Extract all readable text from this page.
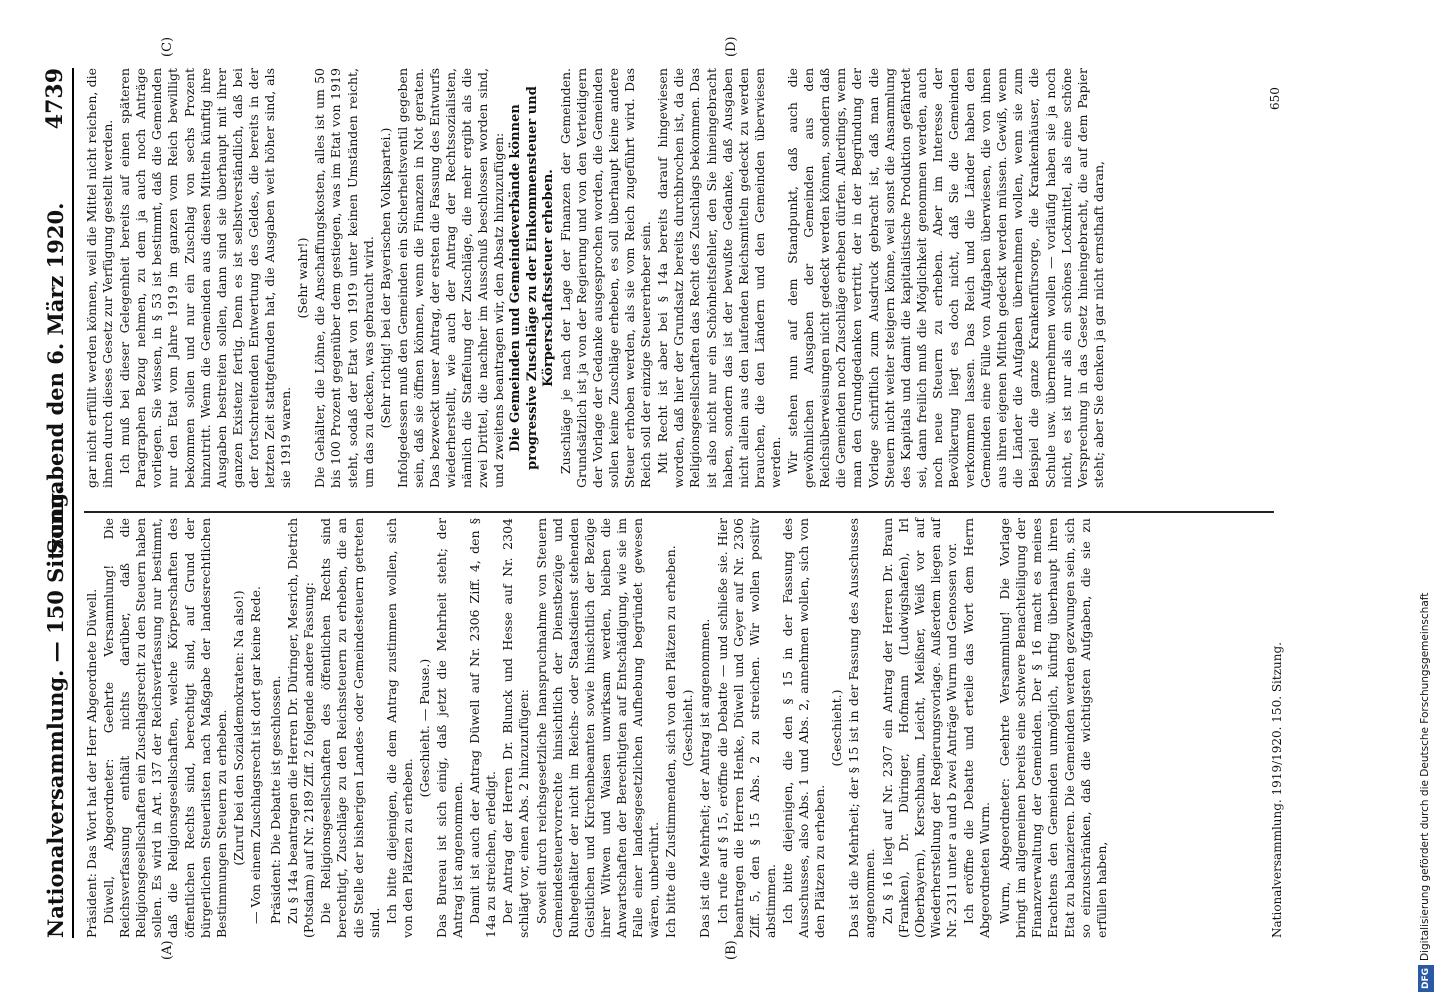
Nationalversammlung. — 150 Sitzung.
Sonnabend den 6. März 1920.
4739
(A)	(B)
(C)	(D)

Präsident: Das Wort hat der Herr Abgeordnete Düwell. Düwell, Abgeordneter: Geehrte Versammlung! Die Reichsverfassung enthält nichts darüber, daß die Religionsgesellschaften ein Zuschlagsrecht zu den Steuern haben sollen. Es wird in Art. 137 der Reichsverfassung nur bestimmt, daß die Religionsgesellschaften, welche Körperschaften des öffentlichen Rechts sind, berechtigt sind, auf Grund der bürgerlichen Steuerlisten nach Maßgabe der landesrechtlichen Bestimmungen Steuern zu erheben. (Zuruf bei den Sozialdemokraten: Na also!) — Von einem Zuschlagsrecht ist dort gar keine Rede. Präsident: Die Debatte ist geschlossen. Zu § 14a beantragen die Herren Dr. Düringer, Mesrich, Dietrich (Potsdam) auf Nr. 2189 Ziff. 2 folgende andere Fassung: Die Religionsgesellschaften des öffentlichen Rechts sind berechtigt, Zuschläge zu den Reichssteuern zu erheben, die an die Stelle der bisherigen Landes- oder Gemeindesteuern getreten sind. Ich bitte diejenigen, die dem Antrag zustimmen wollen, sich von den Plätzen zu erheben.

(Geschieht. — Pause.) Das Bureau ist sich einig, daß jetzt die Mehrheit steht; der Antrag ist angenommen. Damit ist auch der Antrag Düwell auf Nr. 2306 Ziff. 4, den § 14a zu streichen, erledigt. Der Antrag der Herren Dr. Blunck und Hesse auf Nr. 2304 schlägt vor, einen Abs. 2 hinzuzufügen: Soweit durch reichsgesetzliche Inanspruchnahme von Steuern Gemeindesteuervorrechte hinsichtlich der Dienstbezüge und Ruhegehälter der nicht im Reichs- oder Staatsdienst stehenden Geistlichen und Kirchenbeamten sowie hinsichtlich der Bezüge ihrer Witwen und Waisen unwirksam werden, bleiben die Anwartschaften der Berechtigten auf Entschädigung, wie sie im Falle einer landesgesetzlichen Aufhebung begründet gewesen wären, unberührt. Ich bitte die Zustimmenden, sich von den Plätzen zu erheben. (Geschieht.) Das ist die Mehrheit; der Antrag ist angenommen. Ich rufe auf § 15, eröffne die Debatte — und schließe sie. Hier beantragen die Herren Henke, Düwell und Geyer auf Nr. 2306 Ziff. 5, den § 15 Abs. 2 zu streichen. Wir wollen positiv abstimmen. Ich bitte diejenigen, die den § 15 in der Fassung des Ausschusses, also Abs. 1 und Abs. 2, annehmen wollen, sich von den Plätzen zu erheben.

(Geschieht.) Das ist die Mehrheit; der § 15 ist in der Fassung des Ausschusses angenommen. Zu § 16 liegt auf Nr. 2307 ein Antrag der Herren Dr. Braun (Franken), Dr. Düringer, Hofmann (Ludwigshafen), Irl (Oberbayern), Kerschbaum, Leicht, Meißner, Weiß vor auf Wiederherstellung der Regierungsvorlage. Außerdem liegen auf Nr. 2311 unter a und b zwei Anträge Wurm und Genossen vor. Ich eröffne die Debatte und erteile das Wort dem Herrn Abgeordneten Wurm. Wurm, Abgeordneter: Geehrte Versammlung! Die Vorlage bringt im allgemeinen bereits eine schwere Benachteiligung der Finanzverwaltung der Gemeinden. Der § 16 macht es meines Erachtens den Gemeinden unmöglich, künftig überhaupt ihren Etat zu balanzieren. Die Gemeinden werden gezwungen sein, sich so einzuschränken, daß die wichtigsten Aufgaben, die sie zu erfüllen haben,

gar nicht erfüllt werden können, weil die Mittel nicht reichen, die ihnen durch dieses Gesetz zur Verfügung gestellt werden. Ich muß bei dieser Gelegenheit bereits auf einen späteren Paragraphen Bezug nehmen, zu dem ja auch noch Anträge vorliegen. Sie wissen, in § 53 ist bestimmt, daß die Gemeinden nur den Etat vom Jahre 1919 im ganzen vom Reich bewilligt bekommen sollen und nur ein Zuschlag von sechs Prozent hinzutritt. Wenn die Gemeinden aus diesen Mitteln künftig ihre Ausgaben bestreiten sollen, dann sind sie überhaupt mit ihrer ganzen Existenz fertig. Denn es ist selbstverständlich, daß bei der fortschreitenden Entwertung des Geldes, die bereits in der letzten Zeit stattgefunden hat, die Ausgaben weit höher sind, als sie 1919 waren.

(Sehr wahr!) Die Gehälter, die Löhne, die Anschaffungskosten, alles ist um 50 bis 100 Prozent gegenüber dem gestiegen, was im Etat von 1919 steht, sodaß der Etat von 1919 unter keinen Umständen reicht, um das zu decken, was gebraucht wird. (Sehr richtig! bei der Bayerischen Volkspartei.) Infolgedessen muß den Gemeinden ein Sicherheitsventil gegeben sein, daß sie öffnen können, wenn die Finanzen in Not geraten. Das bezweckt unser Antrag, der ersten die Fassung des Entwurfs wiederherstellt, wie auch der Antrag der Rechtssozialisten, nämlich die Staffelung der Zuschläge, die mehr ergibt als die zwei Drittel, die nachher im Ausschuß beschlossen worden sind, und zweitens beantragen wir, den Absatz hinzuzufügen: Die Gemeinden und Gemeindeverbände können progressive Zuschläge zu der Einkommensteuer und Körperschaftssteuer erheben. Zuschläge je nach der Lage der Finanzen der Gemeinden. Grundsätzlich ist ja von der Regierung und von den Verteidigern der Vorlage der Gedanke ausgesprochen worden, die Gemeinden sollen keine Zuschläge erheben, es soll überhaupt keine andere Steuer erhoben werden, als sie vom Reich zugeführt wird. Das Reich soll der einzige Steuererheber sein. Mit Recht ist aber bei § 14a bereits darauf hingewiesen worden, daß hier der Grundsatz bereits durchbrochen ist, da die Religionsgesellschaften das Recht des Zuschlags bekommen. Das ist also nicht nur ein Schönheitsfehler, den Sie hineingebracht haben, sondern das ist der bewußte Gedanke, daß Ausgaben nicht allein aus den laufenden Reichsmitteln gedeckt zu werden brauchen, die den Ländern und den Gemeinden überwiesen werden. Wir stehen nun auf dem Standpunkt, daß auch die gewöhnlichen Ausgaben der Gemeinden aus den Reichsüberweisungen nicht gedeckt werden können, sondern daß die Gemeinden noch Zuschläge erheben dürfen. Allerdings, wenn man den Grundgedanken vertritt, der in der Begründung der Vorlage schriftlich zum Ausdruck gebracht ist, daß man die Steuern nicht weiter steigern könne, weil sonst die Ansammlung des Kapitals und damit die kapitalistische Produktion gefährdet sei, dann freilich muß die Möglichkeit genommen werden, auch noch neue Steuern zu erheben. Aber im Interesse der Bevölkerung liegt es doch nicht, daß Sie die Gemeinden verkommen lassen. Das Reich und die Länder haben den Gemeinden eine Fülle von Aufgaben überwiesen, die von ihnen aus ihren eigenen Mitteln gedeckt werden müssen. Gewiß, wenn die Länder die Aufgaben übernehmen wollen, wenn sie zum Beispiel die ganze Krankenfürsorge, die Krankenhäuser, die Schule usw. übernehmen wollen — vorläufig haben sie ja noch nicht, es ist nur als ein schönes Lockmittel, als eine schöne Versprechung in das Gesetz hineingebracht, die auf dem Papier steht; aber Sie denken ja gar nicht ernsthaft daran,

Nationalversammlung. 1919/1920. 150. Sitzung.
650
DFGDigitalisierung gefördert durch die Deutsche Forschungsgemeinschaft
